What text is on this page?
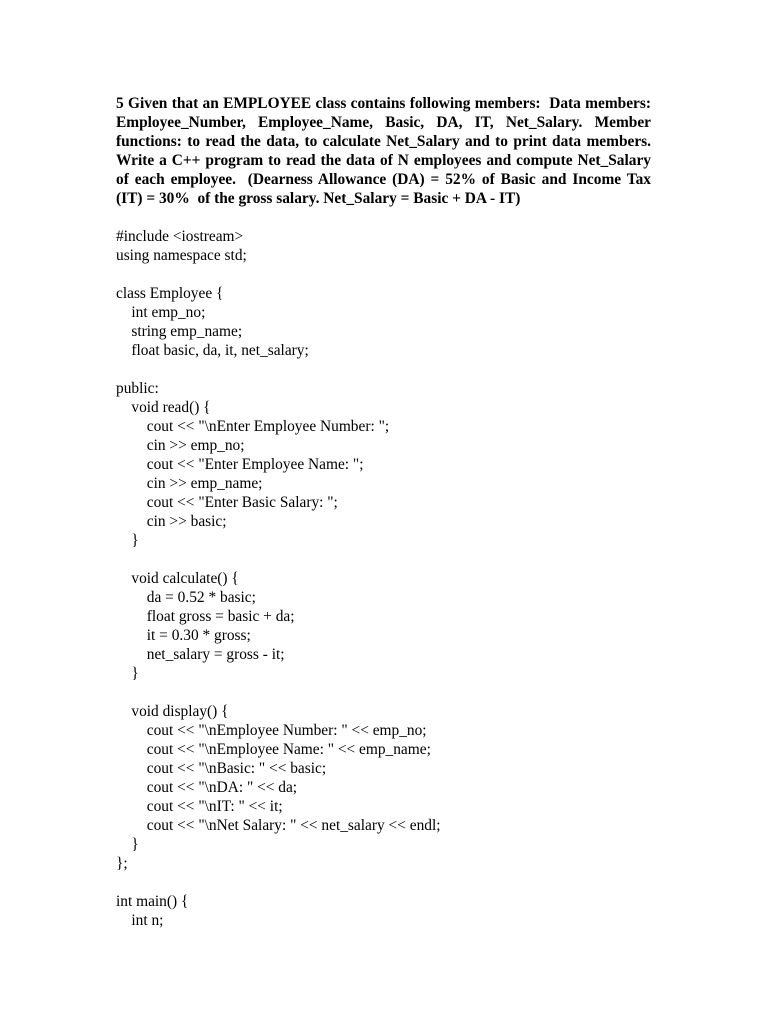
5 Given that an EMPLOYEE class contains following members:  Data members: Employee_Number, Employee_Name, Basic, DA, IT, Net_Salary. Member functions: to read the data, to calculate Net_Salary and to print data members. Write a C++ program to read the data of N employees and compute Net_Salary of each employee.  (Dearness Allowance (DA) = 52% of Basic and Income Tax (IT) = 30%  of the gross salary. Net_Salary = Basic + DA - IT)

#include <iostream>
using namespace std;
class Employee {
int emp_no;
string emp_name;
float basic, da, it, net_salary;
public:
void read() {
cout << "\nEnter Employee Number: ";
cin >> emp_no;
cout << "Enter Employee Name: ";
cin >> emp_name;
cout << "Enter Basic Salary: ";
cin >> basic;
}
void calculate() {
da = 0.52 * basic;
float gross = basic + da;
it = 0.30 * gross;
net_salary = gross - it;
}
void display() {
cout << "\nEmployee Number: " << emp_no;
cout << "\nEmployee Name: " << emp_name;
cout << "\nBasic: " << basic;
cout << "\nDA: " << da;
cout << "\nIT: " << it;
cout << "\nNet Salary: " << net_salary << endl;
}
};
int main() {
int n;
